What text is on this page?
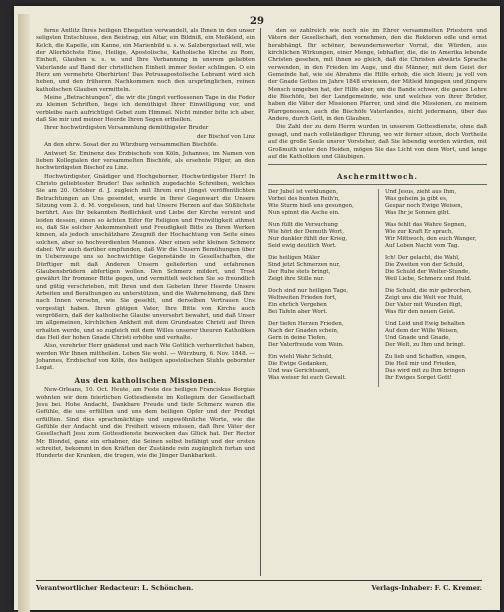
29

ferne Antlitz Ihres heiligen Ehegatten verwandelt, als Ihnen in den unser seligsten Entschlusse, den Beistrag, ein Altar, ein Bildniß, ein Meßkleid, ein Kelch, die Kapelle, ein Kanne, ein Marienbild u. s. w. Salzbergsstaat will, wie der Allerhöchste Eine, Heilige, Apostolische, Katholische Kirche zu Rom, Einheit, Glauben u. s. w. und Ihre Verbannung in unsrem geliebten Vaterlande auf Band der christlichen Einheit immer fester schlingen. O ein Herz um vermehrte Oberhirten! Das Petrusapostolische Lebramt wird sich heben, und den früheren Nachkommen noch den ursprünglichen, reinen katholischen Glauben vermitteln.

Meine „Betrachtungen“, die wir die jüngst verflossenen Tage in die Feder zu kleinen Schriften, liege ich demüthigst Ihrer Einwilligung vor, und verbleibe nach aufrichtigst Gebet zum Himmel. Nicht minder bitte ich aber, daß Sie mir und meiner Heerde Ihren Segen ertheilen.

Ihrer hochwürdigsten Versammlung demüthigster Bruder

der Bischof von Linz

An den ehrw. Sosat der zu Würzburg versammelten Bischöfe.

Antwort Sr. Eminenz des Erzbischofs von Köln, Johannes, im Namen von lieben Kollegialen der versammelten Bischöfe, als ersehnte Pilger, an den hochwürdigsten Bischof zu Linz.

Hochwürdigster, Gnädiger und Hochgeborner, Hochwürdigster Herr! In Christo geliebtester Bruder! Das sehnlich zugedachte Schreiben, welches Sie am 20. October d. J. zugleich mit Ihrem erst jüngst veröffentlichten Betrachtungen an Uns gesendet, wurde in Ihrer Gegenwart die Unsere Sitzung vom 2. d. M. vorgelesen, und hat Unsere Herzen auf das Süßlichste berührt. Aus Ihr bekannten Redlichkeit und Liebe der Kirche vereint und leiden dessen, einen so ächten Eifer für Religion und Freiwilligkeit athmet es, daß Sie solcher Ankommenheit und Freudigkeit Bitte zu Ihren Werken kinnen, als jedoch unschätzbare Zeugniß der Hochachtung von Seite eines solchen, aber so hochverdienten Mannes. Aber einen sehr kleinen Schmerz dabei: Wir auch darüber empfunden, daß Wir die Unsern Bemühungen über in Ueberzeuge uns so hochwichtige Gegenstände in Gesellschaften, die Dürftiger mit daß Anderen Unsern gelieferten und erfahrenen Glaubensbrüdern abfertigen wollen. Den Schmerz mildert, und Trost gewährt Ihr frommer Bitte gegen, und vermittelt welchen Sie so freundlich und gütig verschrieben, mit Ihren und den Gebeten Ihrer Heerde Unsere Arbeiten und Berathungen zu unterstützen, und die Wahrnehmung, daß Ihre nach Innen versehn, wie Sie gesehlt, und derselben Vertrauen Uns vorgestigt haben. Ihren gütigen Vater, Ihre Bitte von Kirche auch vergrößern, daß der katholische Glaube unversehrt bewahrt, und daß Unser im allgemeinen, kirchlichen Ankheit mit dem Grundsatze Christi auf Ihren erhalten werde, und so zugleich mit dem Willes unserer theuren Katholiken das Heil der hohen Gnade Christi erhöhe und verhalte.

Also, verehrter Herr gnädenst und nach Wie Gottlich verherrlichet haben, werden Wir Ihnen mittheilen. Leben Sie wohl. — Würzburg, 6. Nov. 1848. — Johannes, Erzbischof von Köln, des heiligen apostolischen Stuhls gebornter Legat.

Aus den katholischen Missionen.

New-Orleans, 10. Oct. Heute, am Feste des heiligen Franciskus Borgias wohnten wir dem feierlichen Gottesdienste im Kollegium der Gesellschaft Jesu bei. Hohe Andacht, Dankbare Freude und tiefe Schmerz waren die Gefühle, die uns erfüllten und uns dem heiligen Opfer und der Predigt erfüllten. Sind dies sprachmächtige und ungewöhnliche Worte, wie die Gefühle der Andacht und die Freiheit wissen müssen, daß Ihre Väter der Gesellschaft Jesu zum Gottesdienste bezwecken das Glück hat. Der Rector Mr. Blondel, ganz ein erhabner, die Seinen selbst befähigt und der ersten schreitet, bekommt in den Kräften der Zustände rein zugänglich fortan und Hunderte der Kranken, die trugen, wie die Jünger Dankbarkeit.

den so zahlreich wie noch nie im Ehrer versammelten Priestern und Vätern der Gesellschaft, den vornehmen, den die Rektoren edle und ernst herabhängt. Ihr schöner, bewundernswerter Vorrat, die Würden, aus kirchlichen Wirkungen, einer Menge, lebhafter, die, die in Amerika lebende Christen gesehen, mit ihnen so gleich, daß die Christen abwärts Sprache verwenden, in den Frieden im Auge, und die Männer, mit dem Geist der Gemeinde hat, wie sie Abrahms die Hilfe erhob, die sich lösen; ja voll von der Gnade Gottes im Jahre 1848 erwiesen, der Mitleid hingegen und jüngere Mensch umgeben hat, der Hilfe aber, um die Bande schwer, die ganze Lehre die Bischöfe, bei der Landgemeinde, wie und welches von ihrer Brüder, haben die Väter der Missionen Pfarrer, und sind die Missionen, zu meinem Pfarrgenossen, auch die Bischöfe Vaterlandes, nicht jedermann, über das Andere, durch Gott, in den Glauben.

Die Zahl der zu dem Herrn wurden in unserem Gottesdienste, ohne daß gesagt, und nach vollständiger Ehrung, wo wir ferner sitzen, doch Vortheile auf die große Seele unsrer Vorsteher, daß Sie lebendig werden würden, mit Großmuth unter den Heiden, mögen Sie das Licht von dem Wort, und lange auf die Katholiken und Gläubigen.

Aschermittwoch.
Der Jubel ist verklungen,
Vorbei des bunten Reih'n,
Wie Sturm hieß uns gesungen,
Nun spinnt die Asche ein.
Nun füllt die Versuchung
Wie hört der Demuth Wort,
Nur dunkler fühlt der Krieg,
Seid ewig deutlich Wort.
Die heiligen Mäler
Sind jetzt Schmerzen nur,
Der Ruhe stets bringt,
Zeigt ihre Stille nur.
Doch sind nur heiligen Tage,
Weltweiten Frieden fort,
Ein ehrlich Vergeben
Bei Tafeln aber Wort.
Der tiefen Herzen Frieden,
Nach der Gnaden schein,
Gern in deine Tiefen,
Der Vaterfreude vom Wein.
Ein wiehl Wahr Schuld,
Die Ewige Gedanken,
Und was Gerichtsamt,
Was weiser fei euch Gewalt.
Und Jesus, zieht aus Ihm,
Was geheim ja gibt es,
Gespar noch Ewige Weisen,
Was Ihr je Sonnen gibt.
Was fehlt das Wahre Segnen,
Wie zur Kraft Er sprach,
Wir Mittwoch, den euch Wanger,
Auf Leben Nacht vom Tag.
Ich! Der gelacht, die Wahl,
Die Zweiten von der Schuld,
Die Schuld der Weiter-Stunde,
Weil Liebe, Schmerz und Huld.
Die Schuld, die mir gebrochen,
Zeigt uns die Welt vor Huld,
Der Vater mit Wunden fügt,
Was für den neuen Geist.
Und Leid und Ewig behalten
Auf dem der Wille Weisen,
Und Gnade und Gnade,
Der Welt, zu Ihm und bringt.
Zu lieb und Schaffen, singen,
Die Heil mir und Frieden,
Das wird mit zu Ihm bringen
Ihr Ewiges Sorget Gott!
Verantwortlicher Redacteur: L. Schönchen.	Verlags-Inhaber: F. C. Kremer.
